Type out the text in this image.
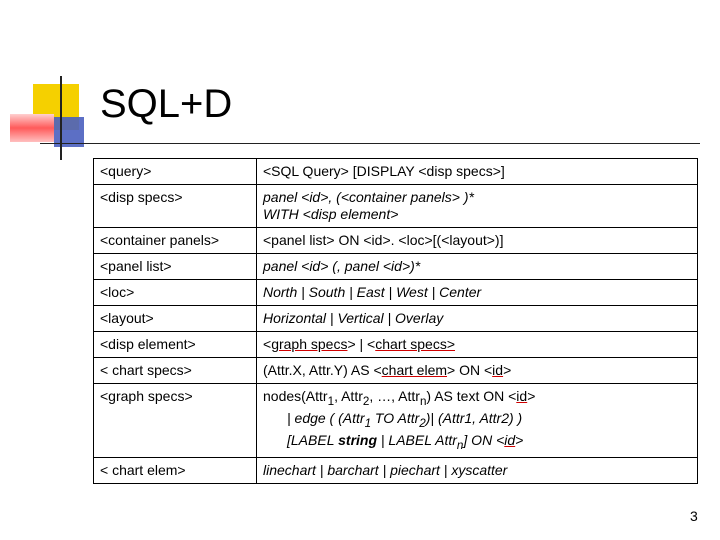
SQL+D
<query>	<SQL Query> [DISPLAY <disp specs>]
<disp specs>	panel <id>, (<container panels> )*
WITH <disp element>
<container panels>	<panel list> ON <id>. <loc>[(<layout>)]
<panel list>	panel <id> (, panel <id>)*
<loc>	North | South | East | West | Center
<layout>	Horizontal | Vertical | Overlay
<disp element>	<graph specs> | <chart specs>
< chart specs>	(Attr.X, Attr.Y) AS <chart elem> ON <id>
<graph specs>	nodes(Attr$_1$, Attr$_2$, …, Attr$_n$) AS text ON <id>
| edge ( (Attr$_1$ TO Attr$_2$)| (Attr1, Attr2) )
[LABEL string | LABEL Attr$_n$] ON <id>

< chart elem>	linechart | barchart | piechart | xyscatter
3
